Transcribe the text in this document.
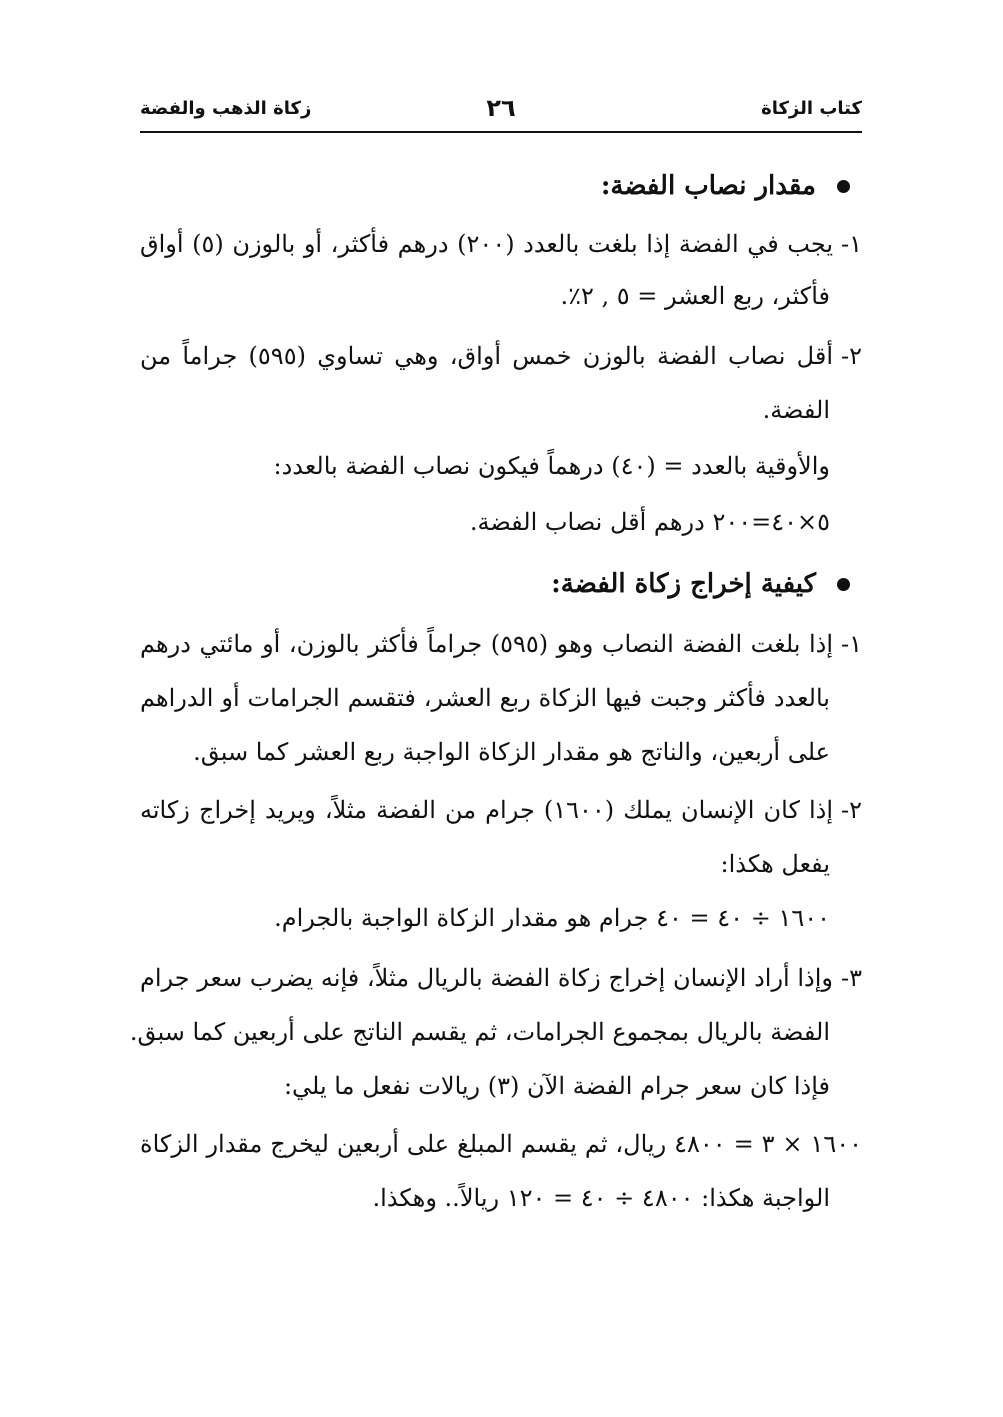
كتاب الزكاة
٢٦
زكاة الذهب والفضة
مقدار نصاب الفضة:
١-
يجب في الفضة إذا بلغت بالعدد (٢٠٠) درهم فأكثر، أو بالوزن (٥) أواق
فأكثر، ربع العشر = ٥ , ٢٪.
٢-
أقل نصاب الفضة بالوزن خمس أواق، وهي تساوي (٥٩٥) جراماً من
الفضة.
والأوقية بالعدد = (٤٠) درهماً فيكون نصاب الفضة بالعدد:
٥×٤٠=٢٠٠ درهم أقل نصاب الفضة.
كيفية إخراج زكاة الفضة:
١-
إذا بلغت الفضة النصاب وهو (٥٩٥) جراماً فأكثر بالوزن، أو مائتي درهم
بالعدد فأكثر وجبت فيها الزكاة ربع العشر، فتقسم الجرامات أو الدراهم
على أربعين، والناتج هو مقدار الزكاة الواجبة ربع العشر كما سبق.
٢-
إذا كان الإنسان يملك (١٦٠٠) جرام من الفضة مثلاً، ويريد إخراج زكاته
يفعل هكذا:
١٦٠٠ ÷ ٤٠ = ٤٠ جرام هو مقدار الزكاة الواجبة بالجرام.
٣-
وإذا أراد الإنسان إخراج زكاة الفضة بالريال مثلاً، فإنه يضرب سعر جرام
الفضة بالريال بمجموع الجرامات، ثم يقسم الناتج على أربعين كما سبق.
فإذا كان سعر جرام الفضة الآن (٣) ريالات نفعل ما يلي:
١٦٠٠ × ٣ = ٤٨٠٠ ريال، ثم يقسم المبلغ على أربعين ليخرج مقدار الزكاة
الواجبة هكذا: ٤٨٠٠ ÷ ٤٠ = ١٢٠ ريالاً.. وهكذا.
